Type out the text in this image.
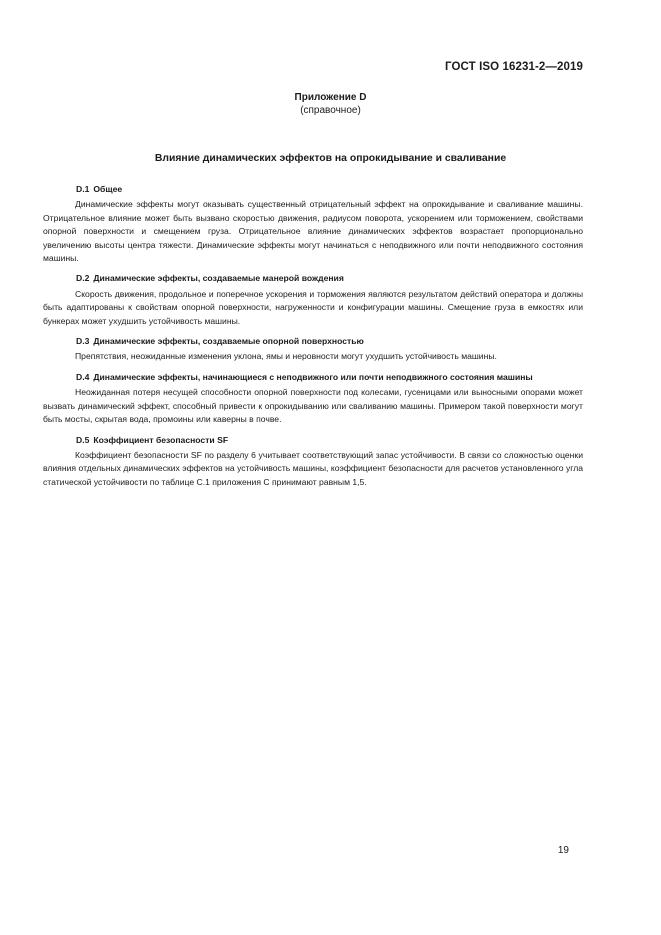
ГОСТ ISO 16231-2—2019
Приложение D
(справочное)
Влияние динамических эффектов на опрокидывание и сваливание
D.1 Общее

Динамические эффекты могут оказывать существенный отрицательный эффект на опрокидывание и сваливание машины. Отрицательное влияние может быть вызвано скоростью движения, радиусом поворота, ускорением или торможением, свойствами опорной поверхности и смещением груза. Отрицательное влияние динамических эффектов возрастает пропорционально увеличению высоты центра тяжести. Динамические эффекты могут начинаться с неподвижного или почти неподвижного состояния машины.

D.2 Динамические эффекты, создаваемые манерой вождения

Скорость движения, продольное и поперечное ускорения и торможения являются результатом действий оператора и должны быть адаптированы к свойствам опорной поверхности, нагруженности и конфигурации машины. Смещение груза в емкостях или бункерах может ухудшить устойчивость машины.

D.3 Динамические эффекты, создаваемые опорной поверхностью

Препятствия, неожиданные изменения уклона, ямы и неровности могут ухудшить устойчивость машины.

D.4 Динамические эффекты, начинающиеся с неподвижного или почти неподвижного состояния машины

Неожиданная потеря несущей способности опорной поверхности под колесами, гусеницами или выносными опорами может вызвать динамический эффект, способный привести к опрокидыванию или сваливанию машины. Примером такой поверхности могут быть мосты, скрытая вода, промоины или каверны в почве.

D.5 Коэффициент безопасности SF

Коэффициент безопасности SF по разделу 6 учитывает соответствующий запас устойчивости. В связи со сложностью оценки влияния отдельных динамических эффектов на устойчивость машины, коэффициент безопасности для расчетов установленного угла статической устойчивости по таблице C.1 приложения C принимают равным 1,5.

19
